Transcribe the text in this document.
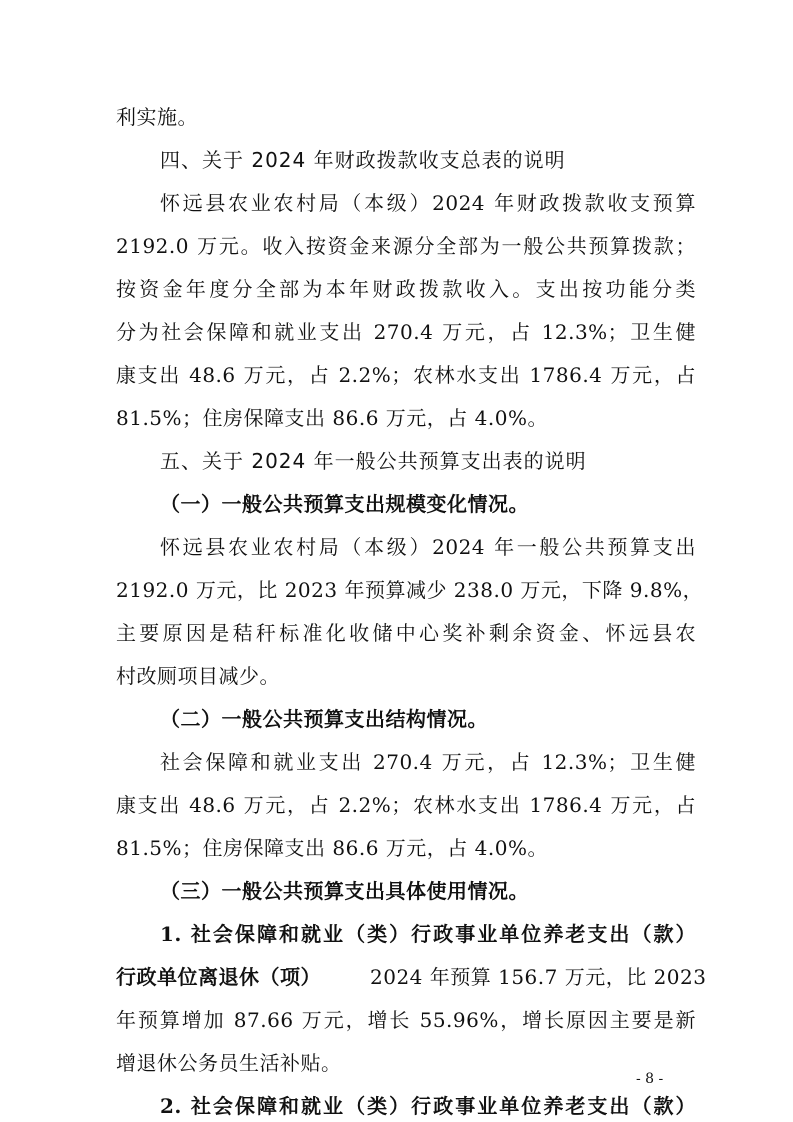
利实施。
四、关于 2024 年财政拨款收支总表的说明
怀远县农业农村局（本级）2024 年财政拨款收支预算
2192.0 万元。收入按资金来源分全部为一般公共预算拨款；
按资金年度分全部为本年财政拨款收入。支出按功能分类
分为社会保障和就业支出 270.4 万元，占 12.3%；卫生健
康支出 48.6 万元，占 2.2%；农林水支出 1786.4 万元，占
81.5%；住房保障支出 86.6 万元，占 4.0%。
五、关于 2024 年一般公共预算支出表的说明
（一）一般公共预算支出规模变化情况。
怀远县农业农村局（本级）2024 年一般公共预算支出
2192.0 万元，比 2023 年预算减少 238.0 万元，下降 9.8%，
主要原因是秸秆标准化收储中心奖补剩余资金、怀远县农
村改厕项目减少。
（二）一般公共预算支出结构情况。
社会保障和就业支出 270.4 万元，占 12.3%；卫生健
康支出 48.6 万元，占 2.2%；农林水支出 1786.4 万元，占
81.5%；住房保障支出 86.6 万元，占 4.0%。
（三）一般公共预算支出具体使用情况。
1. 社会保障和就业（类）行政事业单位养老支出（款）
行政单位离退休（项） 2024 年预算 156.7 万元，比 2023
年预算增加 87.66 万元，增长 55.96%，增长原因主要是新
增退休公务员生活补贴。
2. 社会保障和就业（类）行政事业单位养老支出（款）
- 8 -
